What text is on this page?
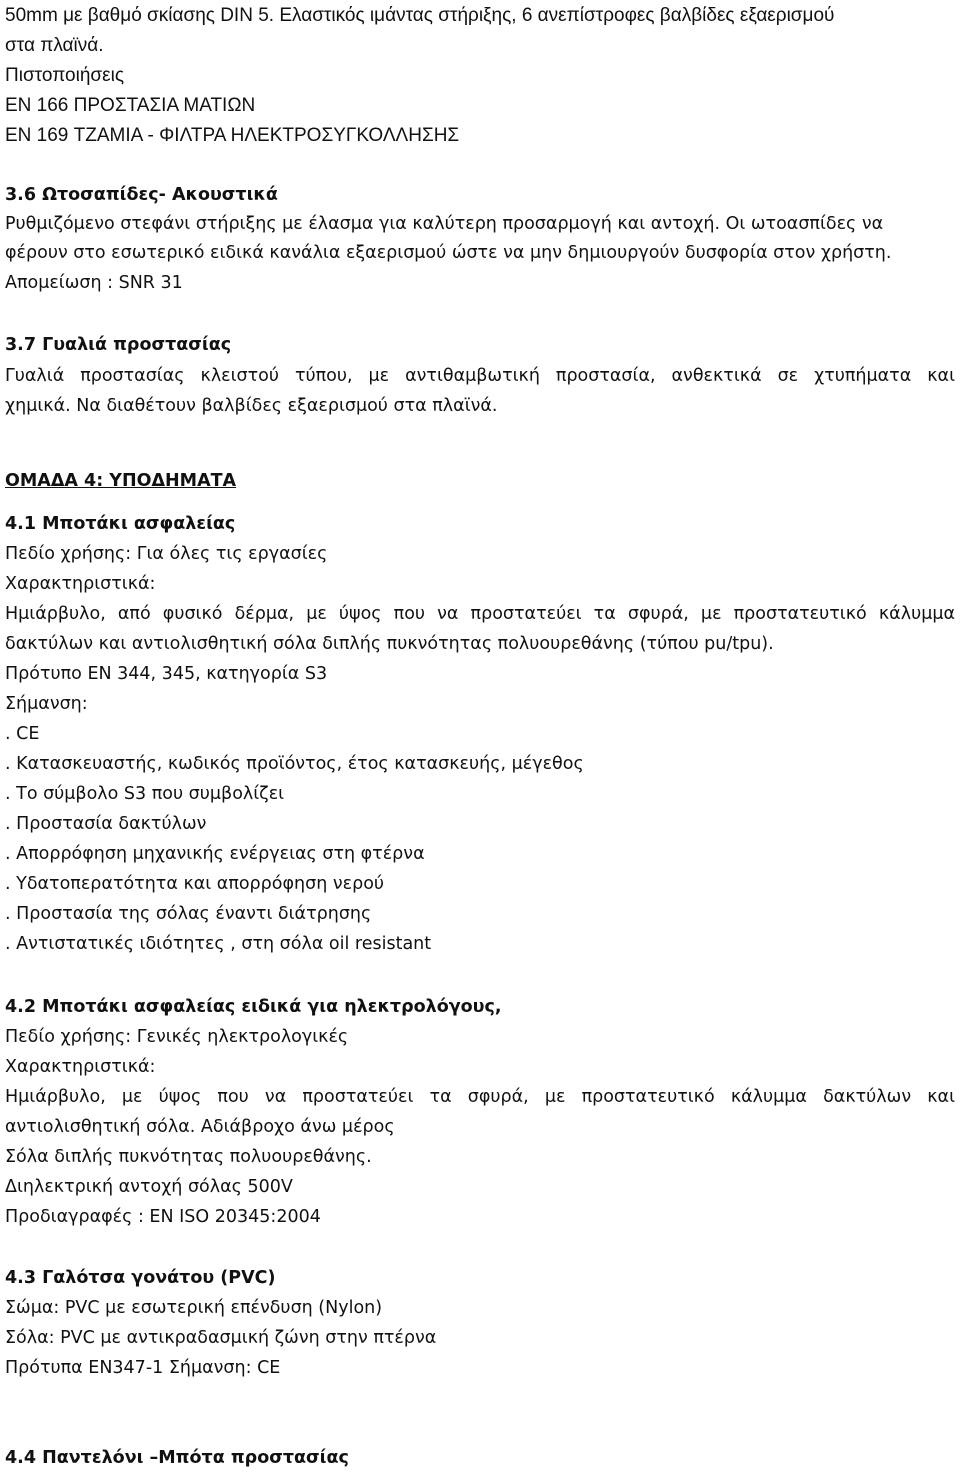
50mm με βαθμό σκίασης DIN 5. Ελαστικός ιμάντας στήριξης, 6 ανεπίστροφες βαλβίδες εξαερισμού
στα πλαϊνά.
Πιστοποιήσεις
EN 166 ΠΡΟΣΤΑΣΙΑ ΜΑΤΙΩΝ
EN 169 ΤΖΑΜΙΑ - ΦΙΛΤΡΑ ΗΛΕΚΤΡΟΣΥΓΚΟΛΛΗΣΗΣ
3.6 Ωτοσαπίδες- Ακουστικά
Ρυθμιζόμενο στεφάνι στήριξης με έλασμα για καλύτερη προσαρμογή και αντοχή. Οι ωτοασπίδες να
φέρουν στο εσωτερικό ειδικά κανάλια εξαερισμού ώστε να μην δημιουργούν δυσφορία στον χρήστη.
Απομείωση : SNR 31
3.7 Γυαλιά προστασίας
Γυαλιά προστασίας κλειστού τύπου, με αντιθαμβωτική προστασία, ανθεκτικά σε χτυπήματα και
χημικά. Να διαθέτουν βαλβίδες εξαερισμού στα πλαϊνά.
ΟΜΑΔΑ 4: ΥΠΟΔΗΜΑΤΑ
4.1 Μποτάκι ασφαλείας
Πεδίο χρήσης: Για όλες τις εργασίες
Χαρακτηριστικά:
Ημιάρβυλο, από φυσικό δέρμα, με ύψος που να προστατεύει τα σφυρά, με προστατευτικό κάλυμμα
δακτύλων και αντιολισθητική σόλα διπλής πυκνότητας πολυουρεθάνης (τύπου pu/tpu).
Πρότυπο EN 344, 345, κατηγορία S3
Σήμανση:
. CE
. Κατασκευαστής, κωδικός προϊόντος, έτος κατασκευής, μέγεθος
. Το σύμβολο S3 που συμβολίζει
. Προστασία δακτύλων
. Απορρόφηση μηχανικής ενέργειας στη φτέρνα
. Υδατοπερατότητα και απορρόφηση νερού
. Προστασία της σόλας έναντι διάτρησης
. Αντιστατικές ιδιότητες , στη σόλα oil resistant
4.2 Μποτάκι ασφαλείας ειδικά για ηλεκτρολόγους,
Πεδίο χρήσης: Γενικές ηλεκτρολογικές
Χαρακτηριστικά:
Ημιάρβυλο, με ύψος που να προστατεύει τα σφυρά, με προστατευτικό κάλυμμα δακτύλων και
αντιολισθητική σόλα. Αδιάβροχο άνω μέρος
Σόλα διπλής πυκνότητας πολυουρεθάνης.
Διηλεκτρική αντοχή σόλας 500V
Προδιαγραφές : EN ISO 20345:2004
4.3 Γαλότσα γονάτου (PVC)
Σώμα: PVC με εσωτερική επένδυση (Nylon)
Σόλα: PVC με αντικραδασμική ζώνη στην πτέρνα
Πρότυπα EN347-1 Σήμανση: CE
4.4 Παντελόνι –Μπότα προστασίας
